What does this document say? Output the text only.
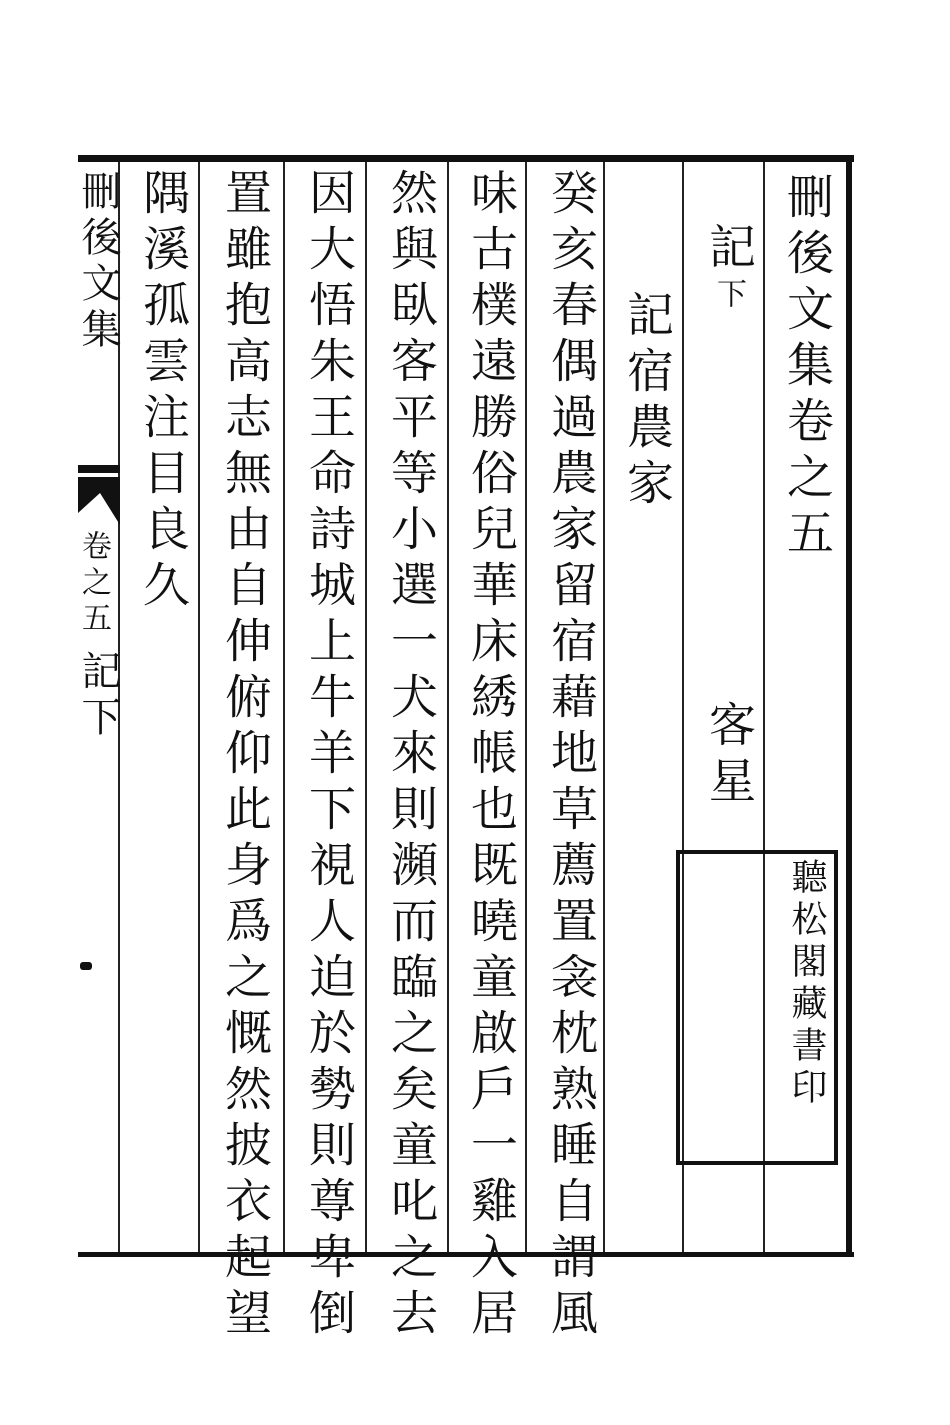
刪後文集卷之五
記下
客星
記宿農家
癸亥春偶過農家留宿藉地草薦置衾枕熟睡自謂風
味古樸遠勝俗兒華床綉帳也既曉童啟戶一雞入居
然與臥客平等小選一犬來則瀕而臨之矣童叱之去
因大悟朱王命詩城上牛羊下視人迫於勢則尊卑倒
置雖抱高志無由自伸俯仰此身爲之慨然披衣起望
隅溪孤雲注目良久
聽松閣藏書印
刪後文集
卷之五
記下
